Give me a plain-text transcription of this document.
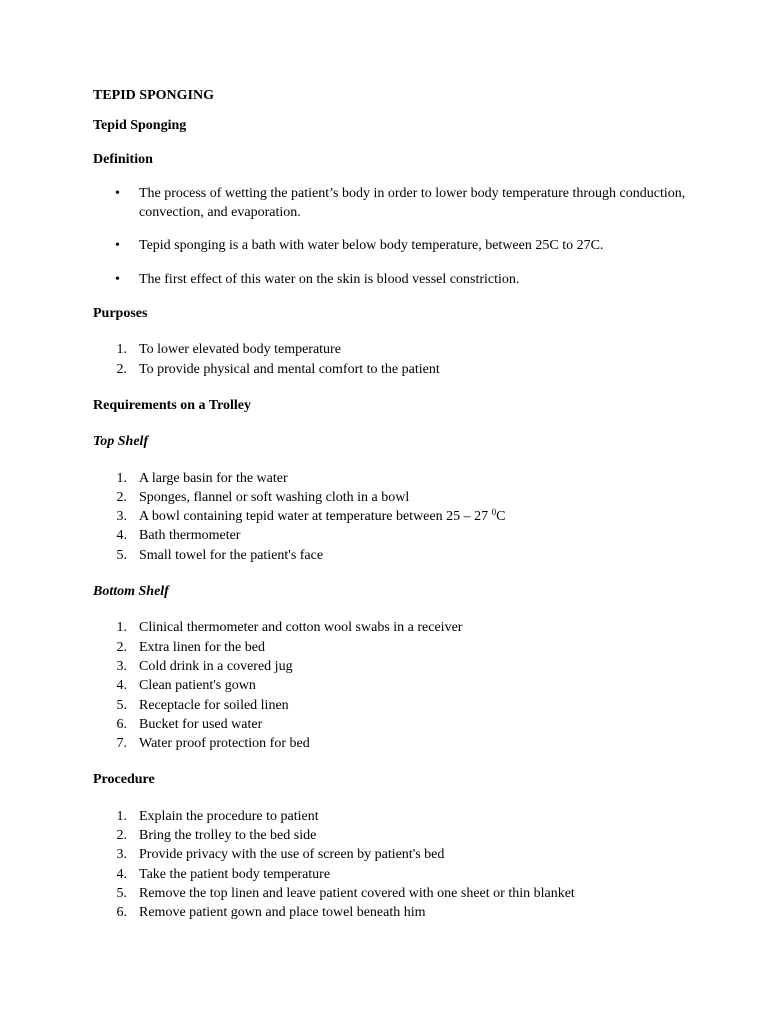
TEPID SPONGING

Tepid Sponging

Definition

• The process of wetting the patient’s body in order to lower body temperature through conduction, convection, and evaporation.
• Tepid sponging is a bath with water below body temperature, between 25C to 27C.
• The first effect of this water on the skin is blood vessel constriction.

Purposes

1. To lower elevated body temperature
2. To provide physical and mental comfort to the patient

Requirements on a Trolley

Top Shelf

1. A large basin for the water
2. Sponges, flannel or soft washing cloth in a bowl
3. A bowl containing tepid water at temperature between 25 – 27 $^0$C
4. Bath thermometer
5. Small towel for the patient's face

Bottom Shelf

1. Clinical thermometer and cotton wool swabs in a receiver
2. Extra linen for the bed
3. Cold drink in a covered jug
4. Clean patient's gown
5. Receptacle for soiled linen
6. Bucket for used water
7. Water proof protection for bed

Procedure

1. Explain the procedure to patient
2. Bring the trolley to the bed side
3. Provide privacy with the use of screen by patient's bed
4. Take the patient body temperature
5. Remove the top linen and leave patient covered with one sheet or thin blanket
6. Remove patient gown and place towel beneath him
